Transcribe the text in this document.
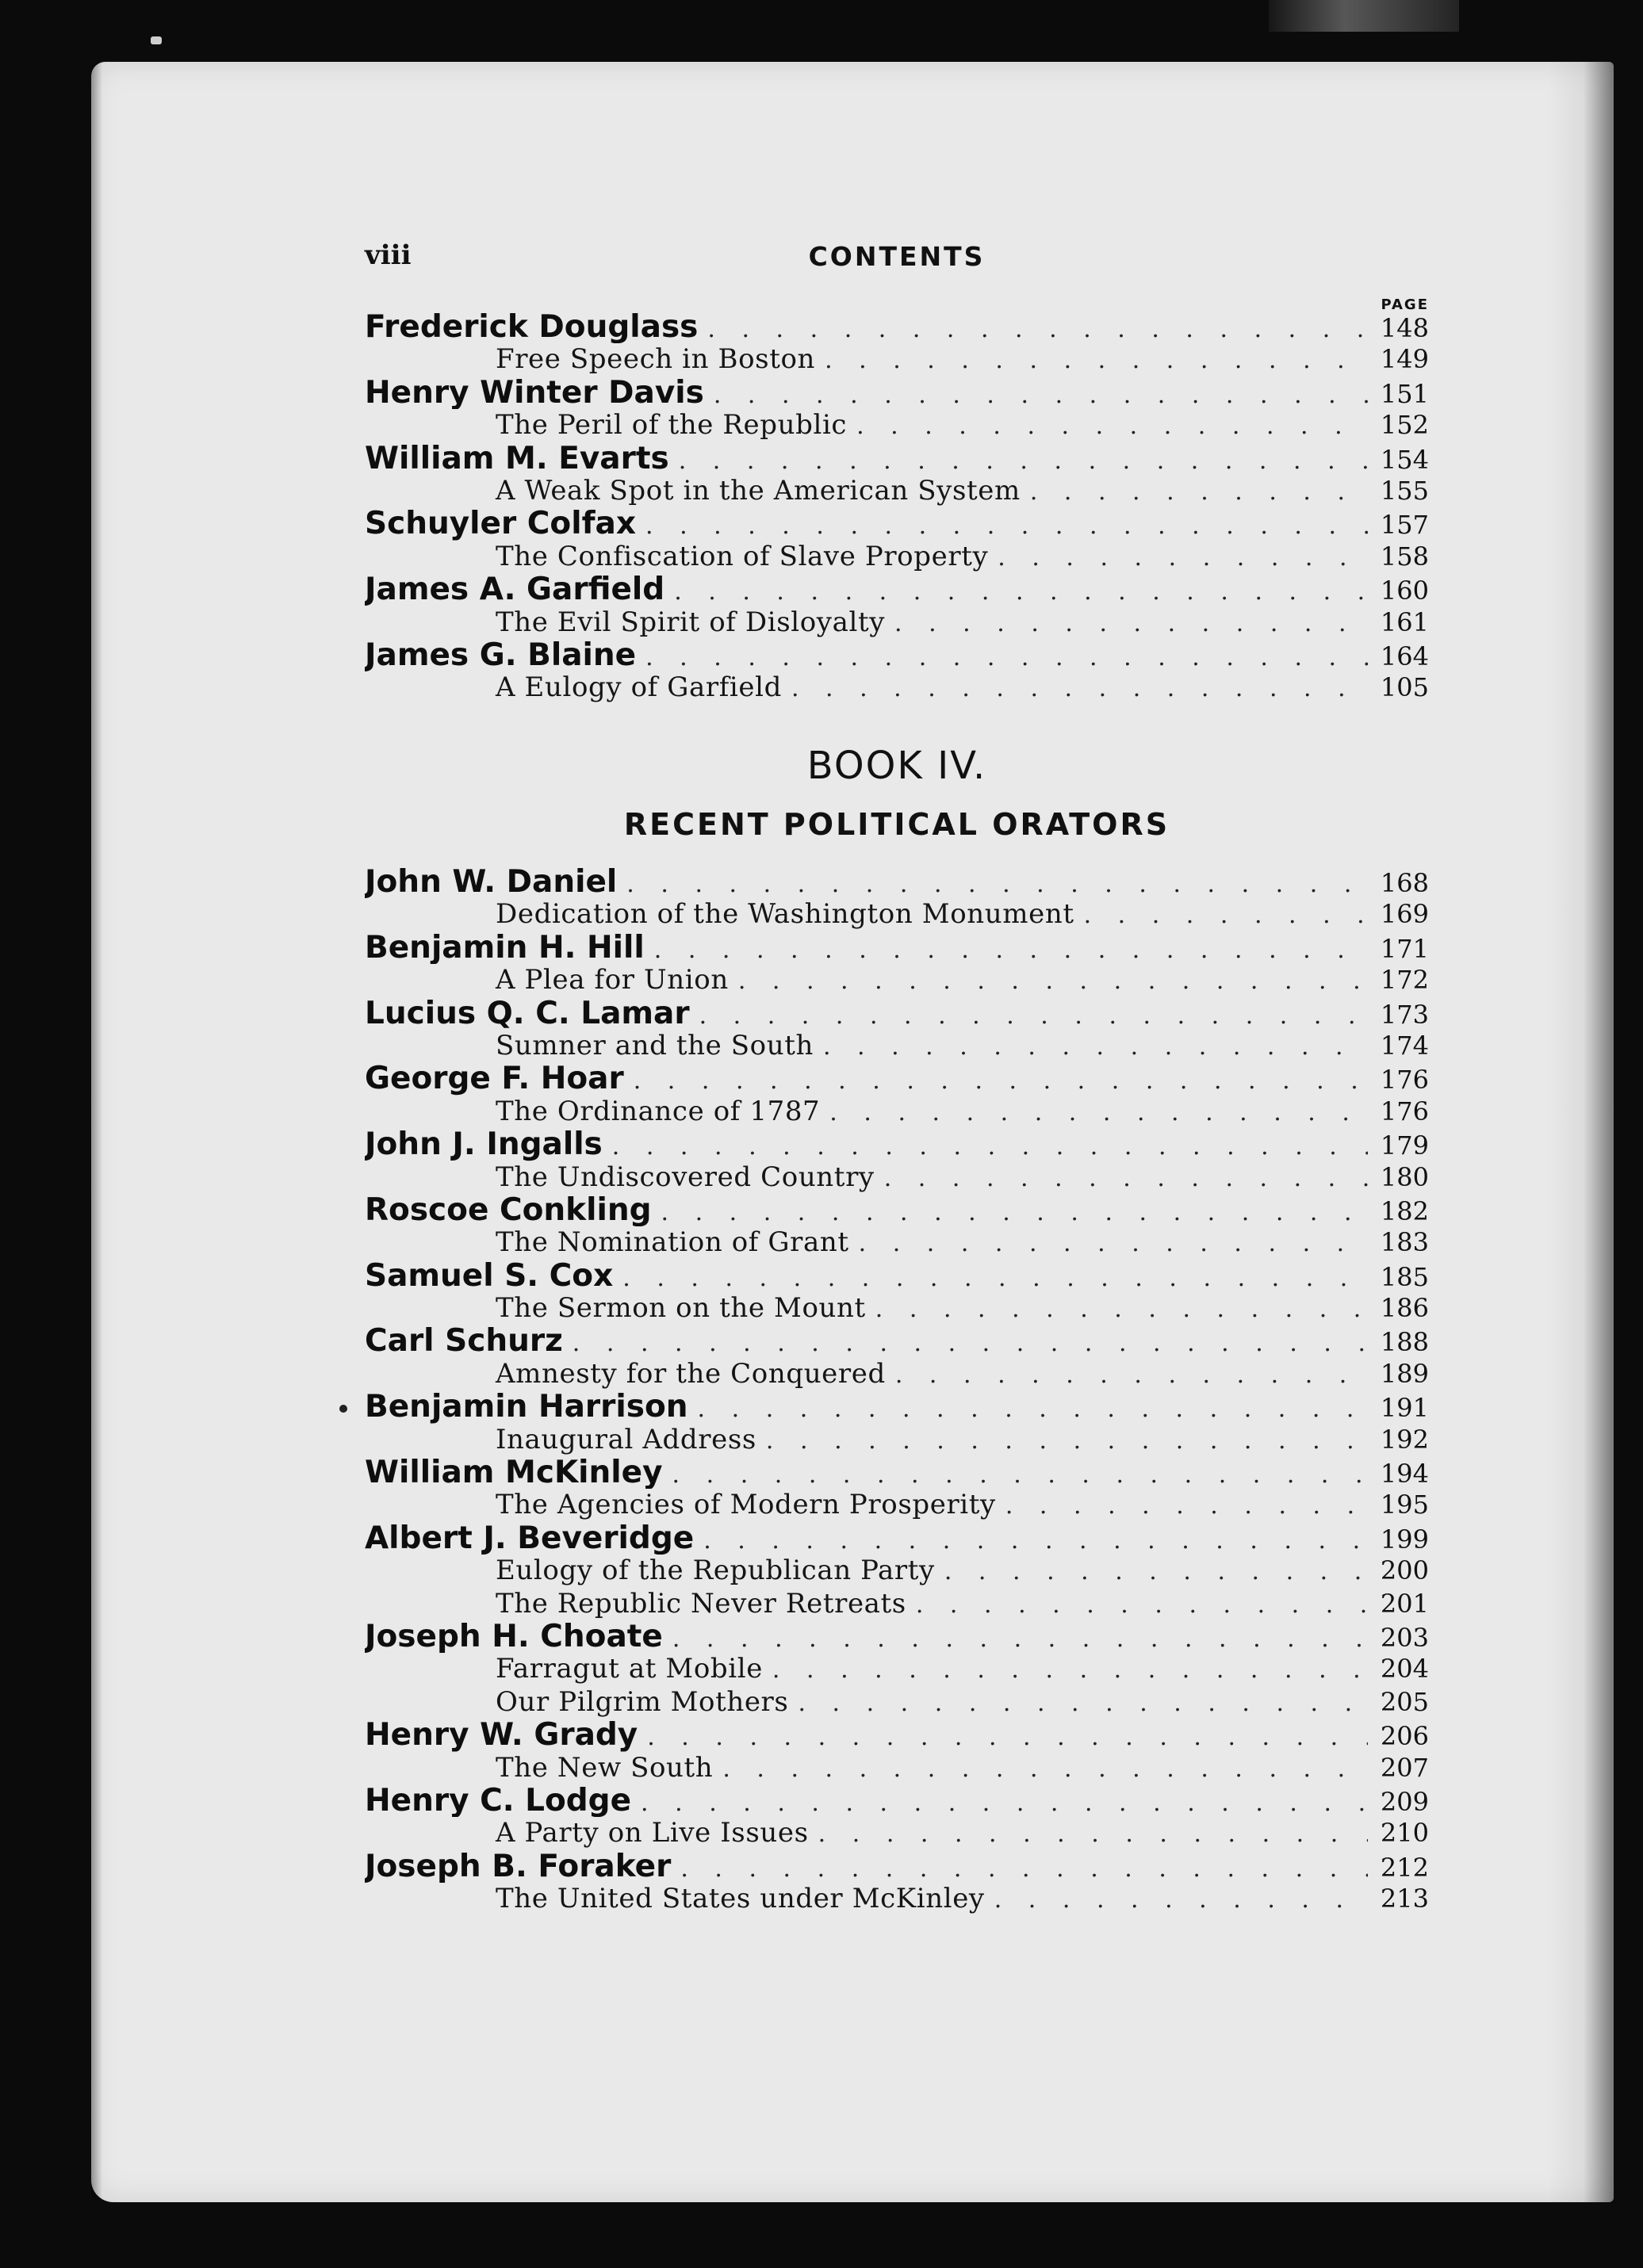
viii	CONTENTS
PAGE
Frederick Douglass . . .	148
Free Speech in Boston . . .	149
Henry Winter Davis . . .	151
The Peril of the Republic . . .	152
William M. Evarts . . .	154
A Weak Spot in the American System . . .	155
Schuyler Colfax . . .	157
The Confiscation of Slave Property . . .	158
James A. Garfield . . .	160
The Evil Spirit of Disloyalty . . .	161
James G. Blaine . . .	164
A Eulogy of Garfield . . .	105
BOOK IV.
RECENT POLITICAL ORATORS
John W. Daniel . . .	168
Dedication of the Washington Monument . . .	169
Benjamin H. Hill . . .	171
A Plea for Union . . .	172
Lucius Q. C. Lamar . . .	173
Sumner and the South . . .	174
George F. Hoar . . .	176
The Ordinance of 1787 . . .	176
John J. Ingalls . . .	179
The Undiscovered Country . . .	180
Roscoe Conkling . . .	182
The Nomination of Grant . . .	183
Samuel S. Cox . . .	185
The Sermon on the Mount . . .	186
Carl Schurz . . .	188
Amnesty for the Conquered . . .	189
Benjamin Harrison . . .	191
Inaugural Address . . .	192
William McKinley . . .	194
The Agencies of Modern Prosperity . . .	195
Albert J. Beveridge . . .	199
Eulogy of the Republican Party . . .	200
The Republic Never Retreats . . .	201
Joseph H. Choate . . .	203
Farragut at Mobile . . .	204
Our Pilgrim Mothers . . .	205
Henry W. Grady . . .	206
The New South . . .	207
Henry C. Lodge . . .	209
A Party on Live Issues . . .	210
Joseph B. Foraker . . .	212
The United States under McKinley . . .	213
